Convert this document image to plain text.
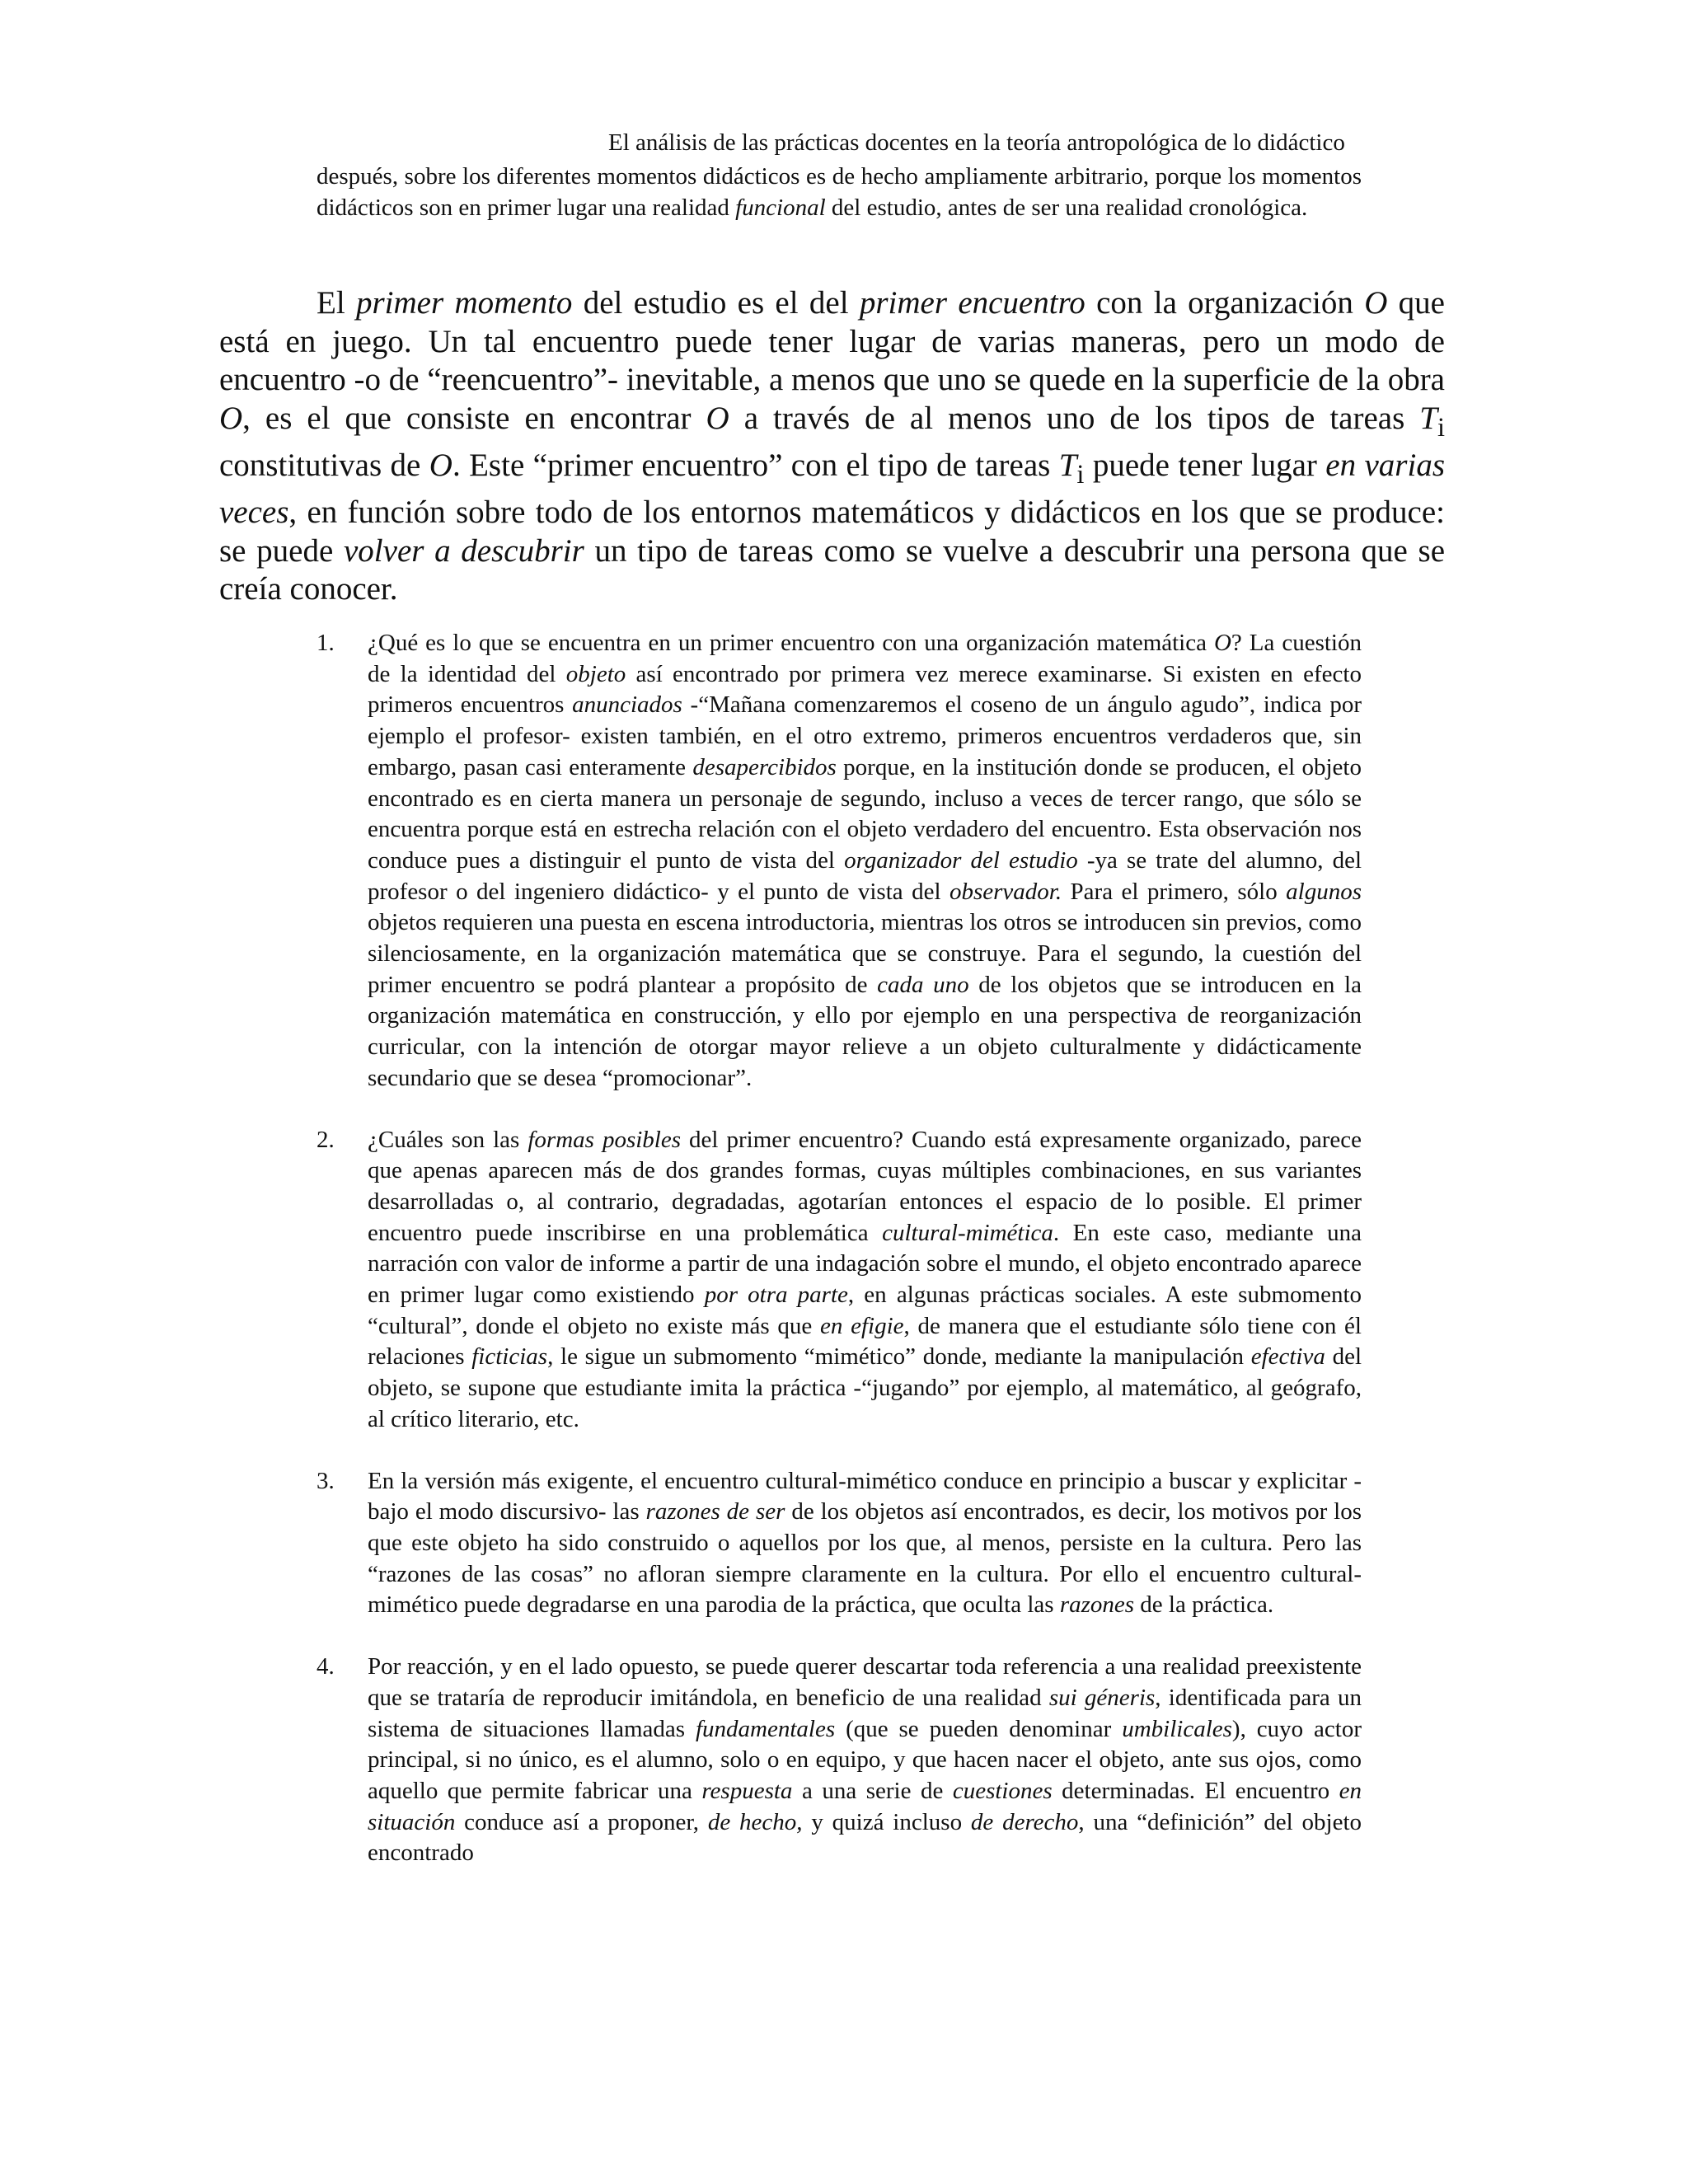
El análisis de las prácticas docentes en la teoría antropológica de lo didáctico

después, sobre los diferentes momentos didácticos es de hecho ampliamente arbitrario, porque los momentos didácticos son en primer lugar una realidad funcional del estudio, antes de ser una realidad cronológica.

El primer momento del estudio es el del primer encuentro con la organización O que está en juego. Un tal encuentro puede tener lugar de varias maneras, pero un modo de encuentro -o de “reencuentro”- inevitable, a menos que uno se quede en la superficie de la obra O, es el que consiste en encontrar O a través de al menos uno de los tipos de tareas $T_i$ constitutivas de O. Este “primer encuentro” con el tipo de tareas $T_i$ puede tener lugar en varias veces, en función sobre todo de los entornos matemáticos y didácticos en los que se produce: se puede volver a descubrir un tipo de tareas como se vuelve a descubrir una persona que se creía conocer.

1. ¿Qué es lo que se encuentra en un primer encuentro con una organización matemática O? La cuestión de la identidad del objeto así encontrado por primera vez merece examinarse. Si existen en efecto primeros encuentros anunciados -“Mañana comenzaremos el coseno de un ángulo agudo”, indica por ejemplo el profesor- existen también, en el otro extremo, primeros encuentros verdaderos que, sin embargo, pasan casi enteramente desapercibidos porque, en la institución donde se producen, el objeto encontrado es en cierta manera un personaje de segundo, incluso a veces de tercer rango, que sólo se encuentra porque está en estrecha relación con el objeto verdadero del encuentro. Esta observación nos conduce pues a distinguir el punto de vista del organizador del estudio -ya se trate del alumno, del profesor o del ingeniero didáctico- y el punto de vista del observador. Para el primero, sólo algunos objetos requieren una puesta en escena introductoria, mientras los otros se introducen sin previos, como silenciosamente, en la organización matemática que se construye. Para el segundo, la cuestión del primer encuentro se podrá plantear a propósito de cada uno de los objetos que se introducen en la organización matemática en construcción, y ello por ejemplo en una perspectiva de reorganización curricular, con la intención de otorgar mayor relieve a un objeto culturalmente y didácticamente secundario que se desea “promocionar”.
2. ¿Cuáles son las formas posibles del primer encuentro? Cuando está expresamente organizado, parece que apenas aparecen más de dos grandes formas, cuyas múltiples combinaciones, en sus variantes desarrolladas o, al contrario, degradadas, agotarían entonces el espacio de lo posible. El primer encuentro puede inscribirse en una problemática cultural-mimética. En este caso, mediante una narración con valor de informe a partir de una indagación sobre el mundo, el objeto encontrado aparece en primer lugar como existiendo por otra parte, en algunas prácticas sociales. A este submomento “cultural”, donde el objeto no existe más que en efigie, de manera que el estudiante sólo tiene con él relaciones ficticias, le sigue un submomento “mimético” donde, mediante la manipulación efectiva del objeto, se supone que estudiante imita la práctica -“jugando” por ejemplo, al matemático, al geógrafo, al crítico literario, etc.
3. En la versión más exigente, el encuentro cultural-mimético conduce en principio a buscar y explicitar -bajo el modo discursivo- las razones de ser de los objetos así encontrados, es decir, los motivos por los que este objeto ha sido construido o aquellos por los que, al menos, persiste en la cultura. Pero las “razones de las cosas” no afloran siempre claramente en la cultura. Por ello el encuentro cultural-mimético puede degradarse en una parodia de la práctica, que oculta las razones de la práctica.
4. Por reacción, y en el lado opuesto, se puede querer descartar toda referencia a una realidad preexistente que se trataría de reproducir imitándola, en beneficio de una realidad sui géneris, identificada para un sistema de situaciones llamadas fundamentales (que se pueden denominar umbilicales), cuyo actor principal, si no único, es el alumno, solo o en equipo, y que hacen nacer el objeto, ante sus ojos, como aquello que permite fabricar una respuesta a una serie de cuestiones determinadas. El encuentro en situación conduce así a proponer, de hecho, y quizá incluso de derecho, una “definición” del objeto encontrado
